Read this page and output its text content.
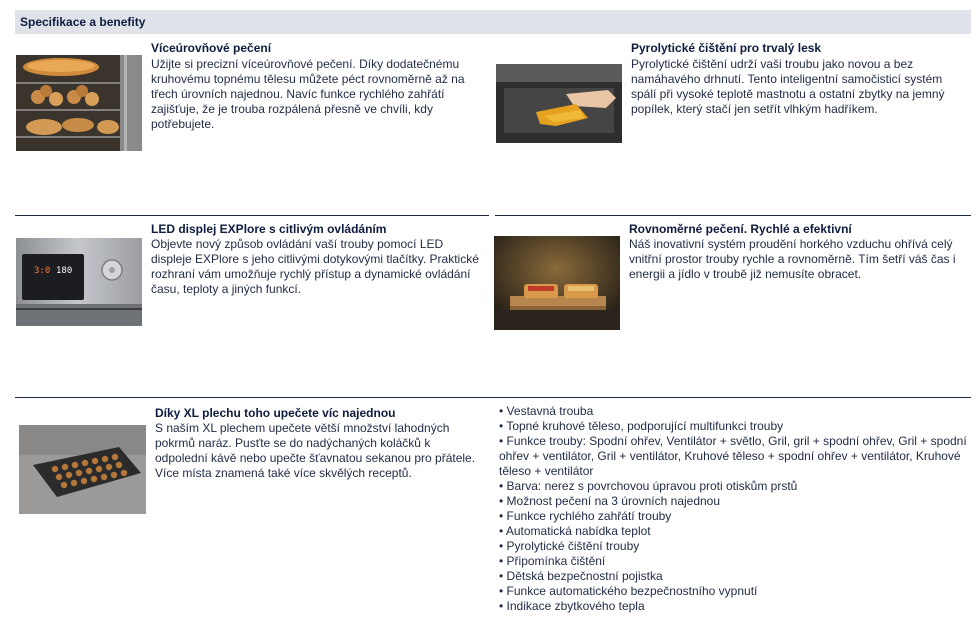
Specifikace a benefity
Víceúrovňové pečení
Užijte si precizní víceúrovňové pečení. Díky dodatečnému kruhovému topnému tělesu můžete péct rovnoměrně až na třech úrovních najednou. Navíc funkce rychlého zahřátí zajišťuje, že je trouba rozpálená přesně ve chvíli, kdy potřebujete.
Pyrolytické čištění pro trvalý lesk
Pyrolytické čištění udrží vaši troubu jako novou a bez namáhavého drhnutí. Tento inteligentní samočisticí systém spálí při vysoké teplotě mastnotu a ostatní zbytky na jemný popílek, který stačí jen setřít vlhkým hadříkem.
3:0 180
LED displej EXPlore s citlivým ovládáním
Objevte nový způsob ovládání vaší trouby pomocí LED displeje EXPlore s jeho citlivými dotykovými tlačítky. Praktické rozhraní vám umožňuje rychlý přístup a dynamické ovládání času, teploty a jiných funkcí.
Rovnoměrné pečení. Rychlé a efektivní
Náš inovativní systém proudění horkého vzduchu ohřívá celý vnitřní prostor trouby rychle a rovnoměrně. Tím šetří váš čas i energii a jídlo v troubě již nemusíte obracet.
Díky XL plechu toho upečete víc najednou
S naším XL plechem upečete větší množství lahodných pokrmů naráz. Pusťte se do nadýchaných koláčků k odpolední kávě nebo upečte šťavnatou sekanou pro přátele. Více místa znamená také více skvělých receptů.
• Vestavná trouba
• Topné kruhové těleso, podporující multifunkci trouby
• Funkce trouby: Spodní ohřev, Ventilátor + světlo, Gril, gril + spodní ohřev, Gril + spodní ohřev + ventilátor, Gril + ventilátor, Kruhové těleso + spodní ohřev + ventilátor, Kruhové těleso + ventilátor
• Barva: nerez s povrchovou úpravou proti otiskům prstů
• Možnost pečení na 3 úrovních najednou
• Funkce rychlého zahřátí trouby
• Automatická nabídka teplot
• Pyrolytické čištění trouby
• Připomínka čištění
• Dětská bezpečnostní pojistka
• Funkce automatického bezpečnostního vypnutí
• Indikace zbytkového tepla
